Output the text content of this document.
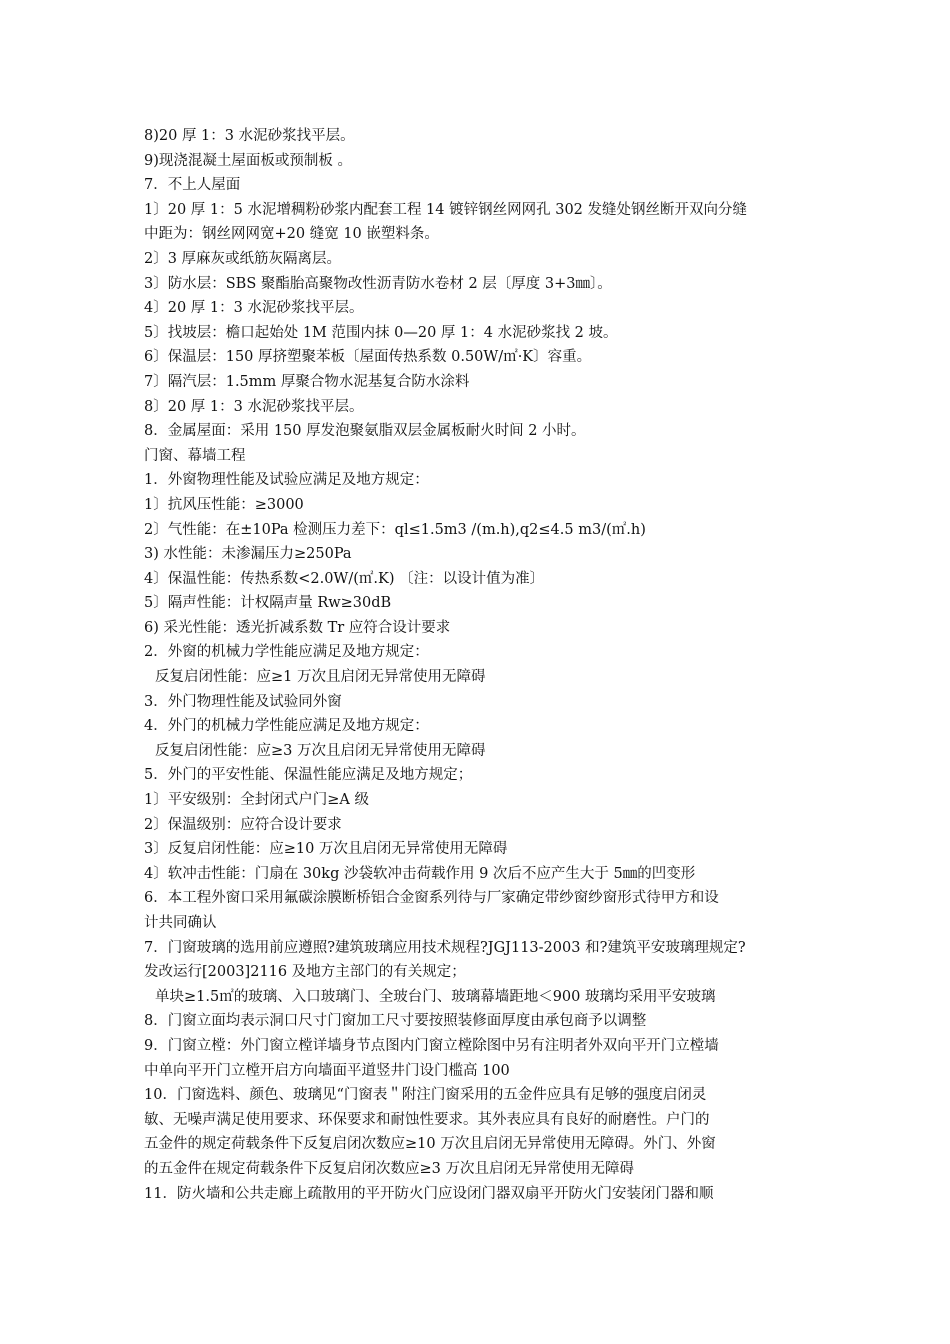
8)20 厚 1：3 水泥砂浆找平层。
9)现浇混凝土屋面板或预制板 。
7．不上人屋面
1〕20 厚 1：5 水泥增稠粉砂浆内配套工程 14 镀锌钢丝网网孔 302 发缝处钢丝断开双向分缝
中距为：钢丝网网宽+20 缝宽 10 嵌塑料条。
2〕3 厚麻灰或纸筋灰隔离层。
3〕防水层：SBS 聚酯胎高聚物改性沥青防水卷材 2 层〔厚度 3+3㎜〕。
4〕20 厚 1：3 水泥砂浆找平层。
5〕找坡层：檐口起始处 1M 范围内抹 0—20 厚 1：4 水泥砂浆找 2 坡。
6〕保温层：150 厚挤塑聚苯板〔屋面传热系数 0.50W/㎡·K〕容重。
7〕隔汽层：1.5mm 厚聚合物水泥基复合防水涂料
8〕20 厚 1：3 水泥砂浆找平层。
8．金属屋面：采用 150 厚发泡聚氨脂双层金属板耐火时间 2 小时。
门窗、幕墙工程
1．外窗物理性能及试验应满足及地方规定：
1〕抗风压性能：≥3000
2〕气性能：在±10Pa 检测压力差下：ql≤1.5m3 /(m.h),q2≤4.5 m3/(㎡.h)
3) 水性能：未渗漏压力≥250Pa
4〕保温性能：传热系数<2.0W/(㎡.K) 〔注：以设计值为准〕
5〕隔声性能：计权隔声量 Rw≥30dB
6) 采光性能：透光折减系数 Tr 应符合设计要求
2．外窗的机械力学性能应满足及地方规定：
反复启闭性能：应≥1 万次且启闭无异常使用无障碍
3．外门物理性能及试验同外窗
4．外门的机械力学性能应满足及地方规定：
反复启闭性能：应≥3 万次且启闭无异常使用无障碍
5．外门的平安性能、保温性能应满足及地方规定；
1〕平安级别：全封闭式户门≥A 级
2〕保温级别：应符合设计要求
3〕反复启闭性能：应≥10 万次且启闭无异常使用无障碍
4〕软冲击性能：门扇在 30kg 沙袋软冲击荷载作用 9 次后不应产生大于 5㎜的凹变形
6．本工程外窗口采用氟碳涂膜断桥铝合金窗系列待与厂家确定带纱窗纱窗形式待甲方和设
计共同确认
7．门窗玻璃的选用前应遵照?建筑玻璃应用技术规程?JGJ113-2003 和?建筑平安玻璃理规定?
发改运行[2003]2116 及地方主部门的有关规定；
单块≥1.5㎡的玻璃、入口玻璃门、全玻台门、玻璃幕墙距地＜900 玻璃均采用平安玻璃
8．门窗立面均表示洞口尺寸门窗加工尺寸要按照装修面厚度由承包商予以调整
9．门窗立樘：外门窗立樘详墙身节点图内门窗立樘除图中另有注明者外双向平开门立樘墙
中单向平开门立樘开启方向墙面平道竖井门设门槛高 100
10．门窗选料、颜色、玻璃见“门窗表＂附注门窗采用的五金件应具有足够的强度启闭灵
敏、无噪声满足使用要求、环保要求和耐蚀性要求。其外表应具有良好的耐磨性。户门的
五金件的规定荷载条件下反复启闭次数应≥10 万次且启闭无异常使用无障碍。外门、外窗
的五金件在规定荷载条件下反复启闭次数应≥3 万次且启闭无异常使用无障碍
11．防火墙和公共走廊上疏散用的平开防火门应设闭门器双扇平开防火门安装闭门器和顺
